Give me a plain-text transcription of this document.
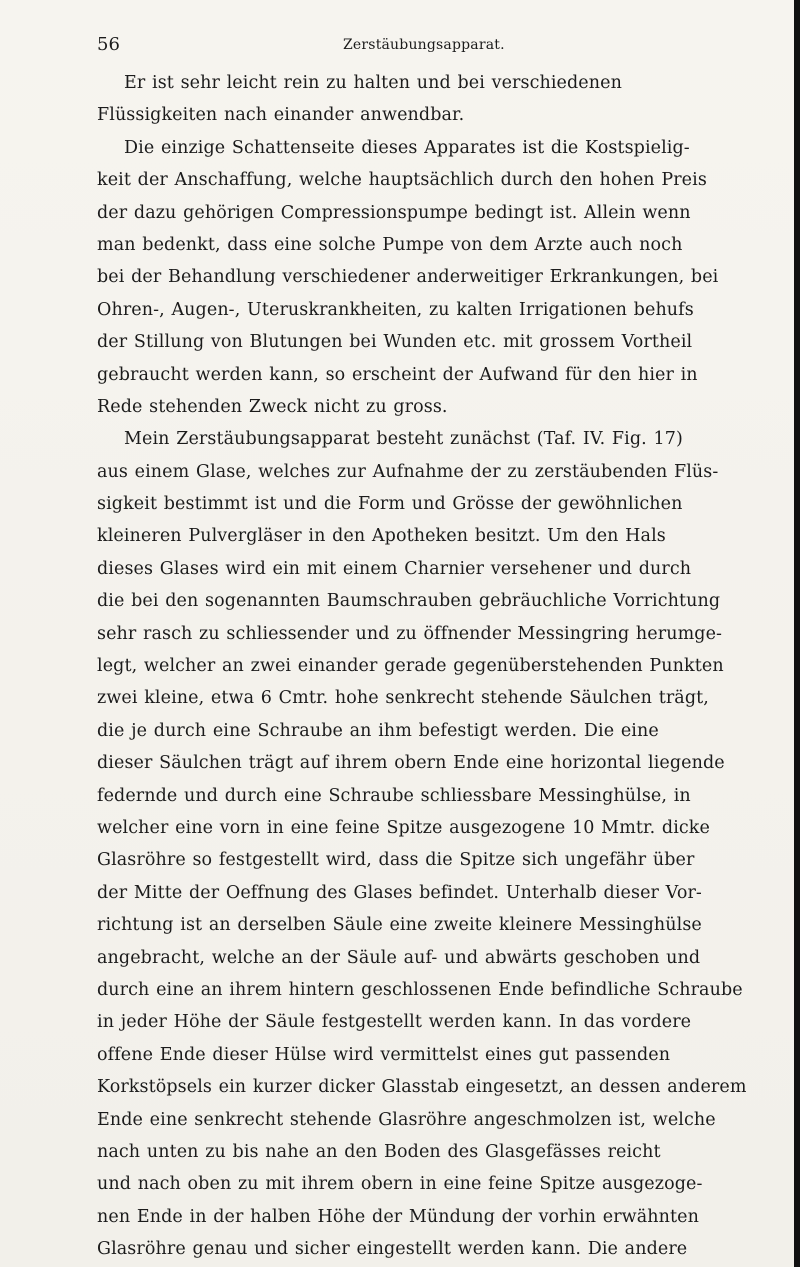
56	Zerstäubungsapparat.
Er ist sehr leicht rein zu halten und bei verschiedenen
Flüssigkeiten nach einander anwendbar.
Die einzige Schattenseite dieses Apparates ist die Kostspielig-
keit der Anschaffung, welche hauptsächlich durch den hohen Preis
der dazu gehörigen Compressionspumpe bedingt ist. Allein wenn
man bedenkt, dass eine solche Pumpe von dem Arzte auch noch
bei der Behandlung verschiedener anderweitiger Erkrankungen, bei
Ohren-, Augen-, Uteruskrankheiten, zu kalten Irrigationen behufs
der Stillung von Blutungen bei Wunden etc. mit grossem Vortheil
gebraucht werden kann, so erscheint der Aufwand für den hier in
Rede stehenden Zweck nicht zu gross.
Mein Zerstäubungsapparat besteht zunächst (Taf. IV. Fig. 17)
aus einem Glase, welches zur Aufnahme der zu zerstäubenden Flüs-
sigkeit bestimmt ist und die Form und Grösse der gewöhnlichen
kleineren Pulvergläser in den Apotheken besitzt. Um den Hals
dieses Glases wird ein mit einem Charnier versehener und durch
die bei den sogenannten Baumschrauben gebräuchliche Vorrichtung
sehr rasch zu schliessender und zu öffnender Messingring herumge-
legt, welcher an zwei einander gerade gegenüberstehenden Punkten
zwei kleine, etwa 6 Cmtr. hohe senkrecht stehende Säulchen trägt,
die je durch eine Schraube an ihm befestigt werden. Die eine
dieser Säulchen trägt auf ihrem obern Ende eine horizontal liegende
federnde und durch eine Schraube schliessbare Messinghülse, in
welcher eine vorn in eine feine Spitze ausgezogene 10 Mmtr. dicke
Glasröhre so festgestellt wird, dass die Spitze sich ungefähr über
der Mitte der Oeffnung des Glases befindet. Unterhalb dieser Vor-
richtung ist an derselben Säule eine zweite kleinere Messinghülse
angebracht, welche an der Säule auf- und abwärts geschoben und
durch eine an ihrem hintern geschlossenen Ende befindliche Schraube
in jeder Höhe der Säule festgestellt werden kann. In das vordere
offene Ende dieser Hülse wird vermittelst eines gut passenden
Korkstöpsels ein kurzer dicker Glasstab eingesetzt, an dessen anderem
Ende eine senkrecht stehende Glasröhre angeschmolzen ist, welche
nach unten zu bis nahe an den Boden des Glasgefässes reicht
und nach oben zu mit ihrem obern in eine feine Spitze ausgezoge-
nen Ende in der halben Höhe der Mündung der vorhin erwähnten
Glasröhre genau und sicher eingestellt werden kann. Die andere
